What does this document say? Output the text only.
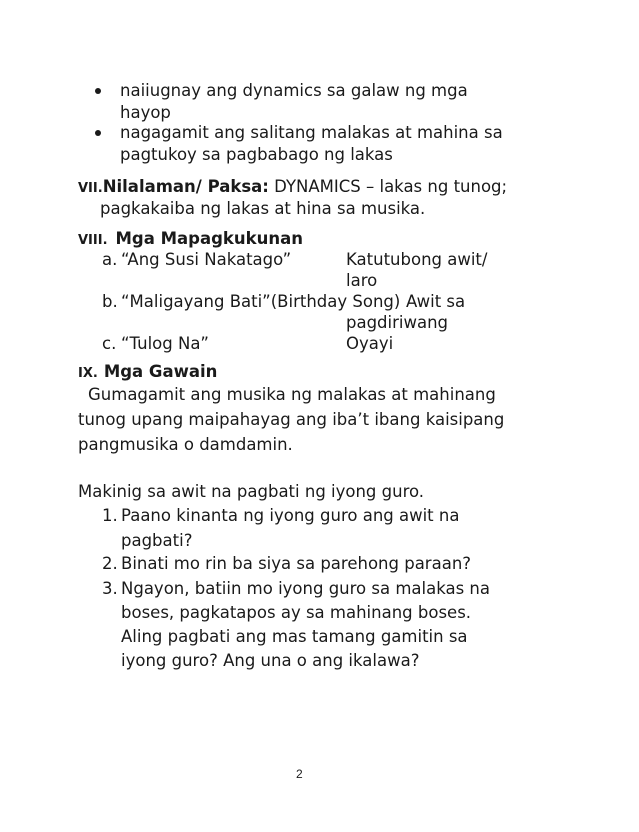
naiiugnay ang dynamics sa galaw ng mga
hayop
nagagamit ang salitang malakas at mahina sa
pagtukoy sa pagbabago ng lakas
VII.Nilalaman/ Paksa: DYNAMICS – lakas ng tunog;
pagkakaiba ng lakas at hina sa musika.
VIII. Mga Mapagkukunan
a. “Ang Susi Nakatago”	Katutubong awit/
laro
b. “Maligayang Bati”(Birthday Song) Awit sa
pagdiriwang
c. “Tulog Na”	Oyayi
IX. Mga Gawain
Gumagamit ang musika ng malakas at mahinang
tunog upang maipahayag ang iba’t ibang kaisipang
pangmusika o damdamin.
Makinig sa awit na pagbati ng iyong guro.
1. Paano kinanta ng iyong guro ang awit na
pagbati?
2. Binati mo rin ba siya sa parehong paraan?
3. Ngayon, batiin mo iyong guro sa malakas na
boses, pagkatapos ay sa mahinang boses.
Aling pagbati ang mas tamang gamitin sa
iyong guro? Ang una o ang ikalawa?
2
